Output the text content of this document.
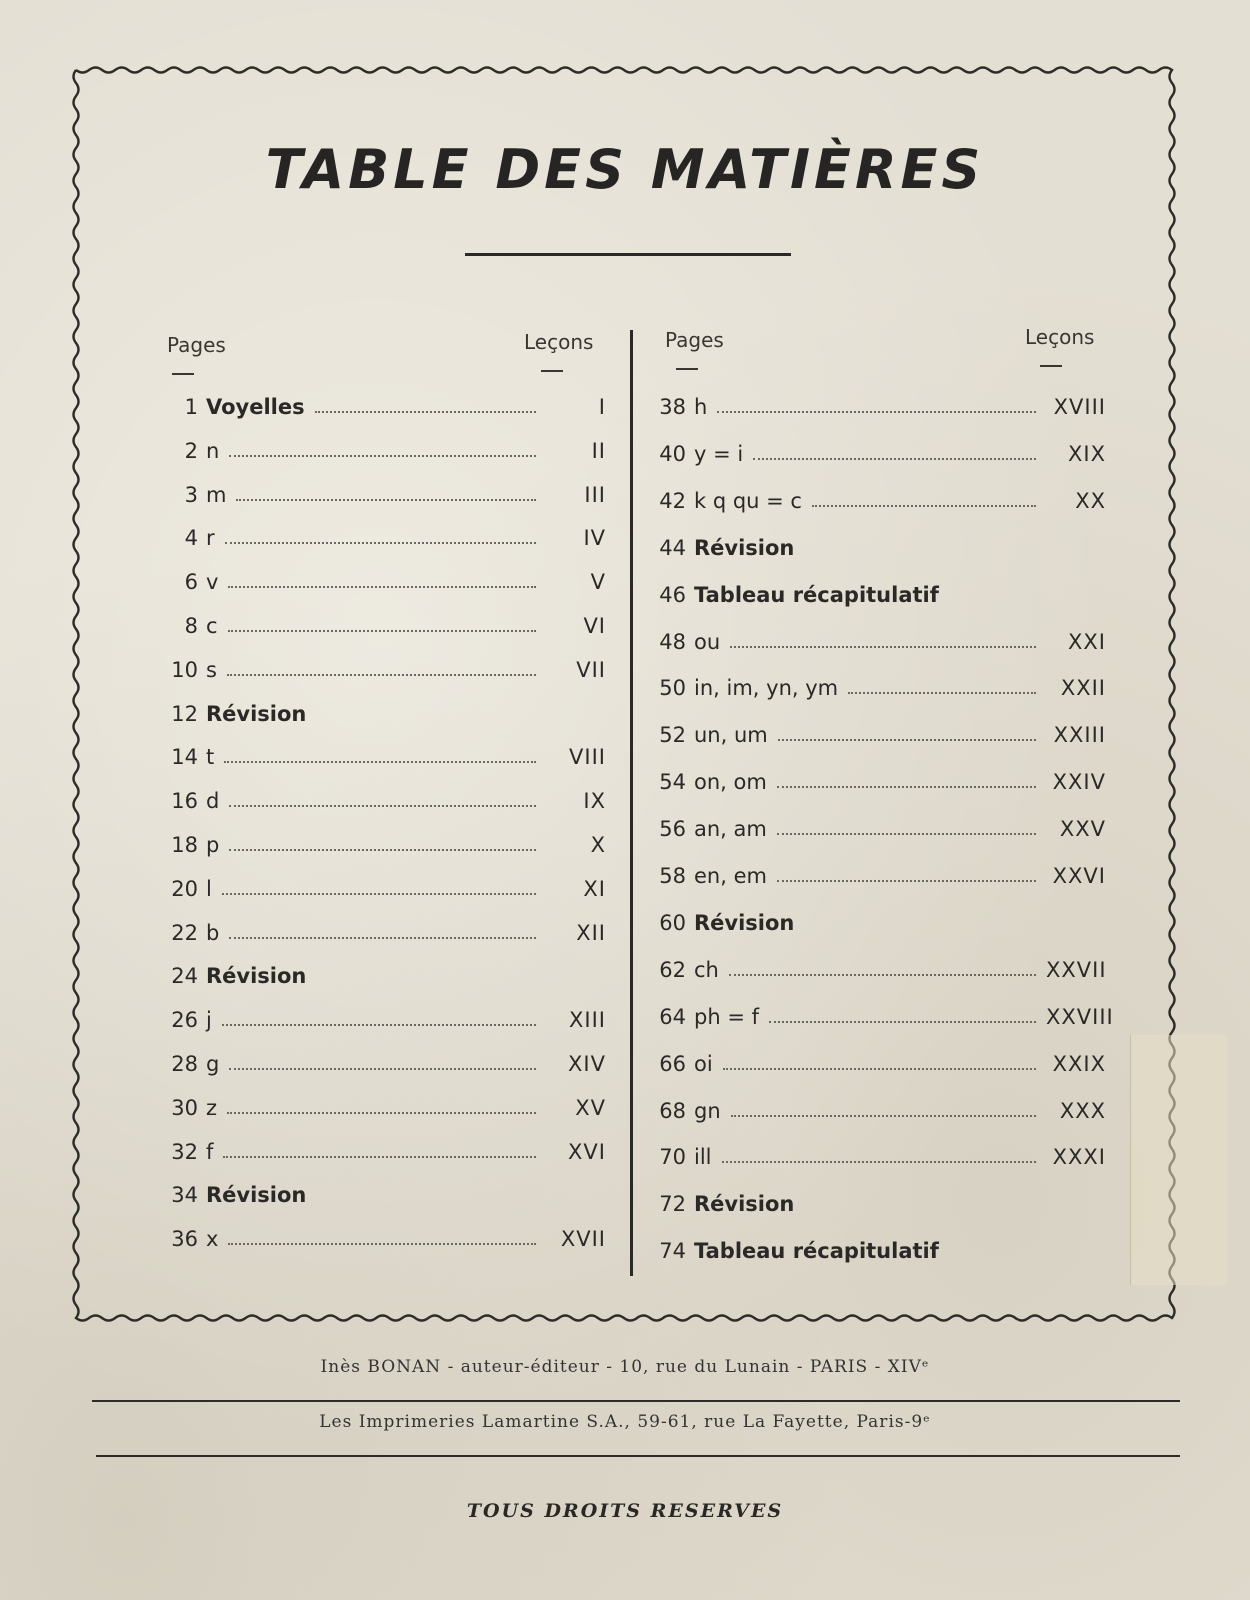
TABLE DES MATIÈRES
Pages	Leçons	Pages	Leçons
1 Voyelles	I
2 n	II
3 m	III
4 r	IV
6 v	V
8 c	VI
10 s	VII
12 Révision
14 t	VIII
16 d	IX
18 p	X
20 l	XI
22 b	XII
24 Révision
26 j	XIII
28 g	XIV
30 z	XV
32 f	XVI
34 Révision
36 x	XVII
38 h	XVIII
40 y = i	XIX
42 k q qu = c	XX
44 Révision
46 Tableau récapitulatif
48 ou	XXI
50 in, im, yn, ym	XXII
52 un, um	XXIII
54 on, om	XXIV
56 an, am	XXV
58 en, em	XXVI
60 Révision
62 ch	XXVII
64 ph = f	XXVIII
66 oi	XXIX
68 gn	XXX
70 ill	XXXI
72 Révision
74 Tableau récapitulatif
Inès BONAN - auteur-éditeur - 10, rue du Lunain - PARIS - XIVᵉ
Les Imprimeries Lamartine S.A., 59-61, rue La Fayette, Paris-9ᵉ
TOUS DROITS RESERVES
